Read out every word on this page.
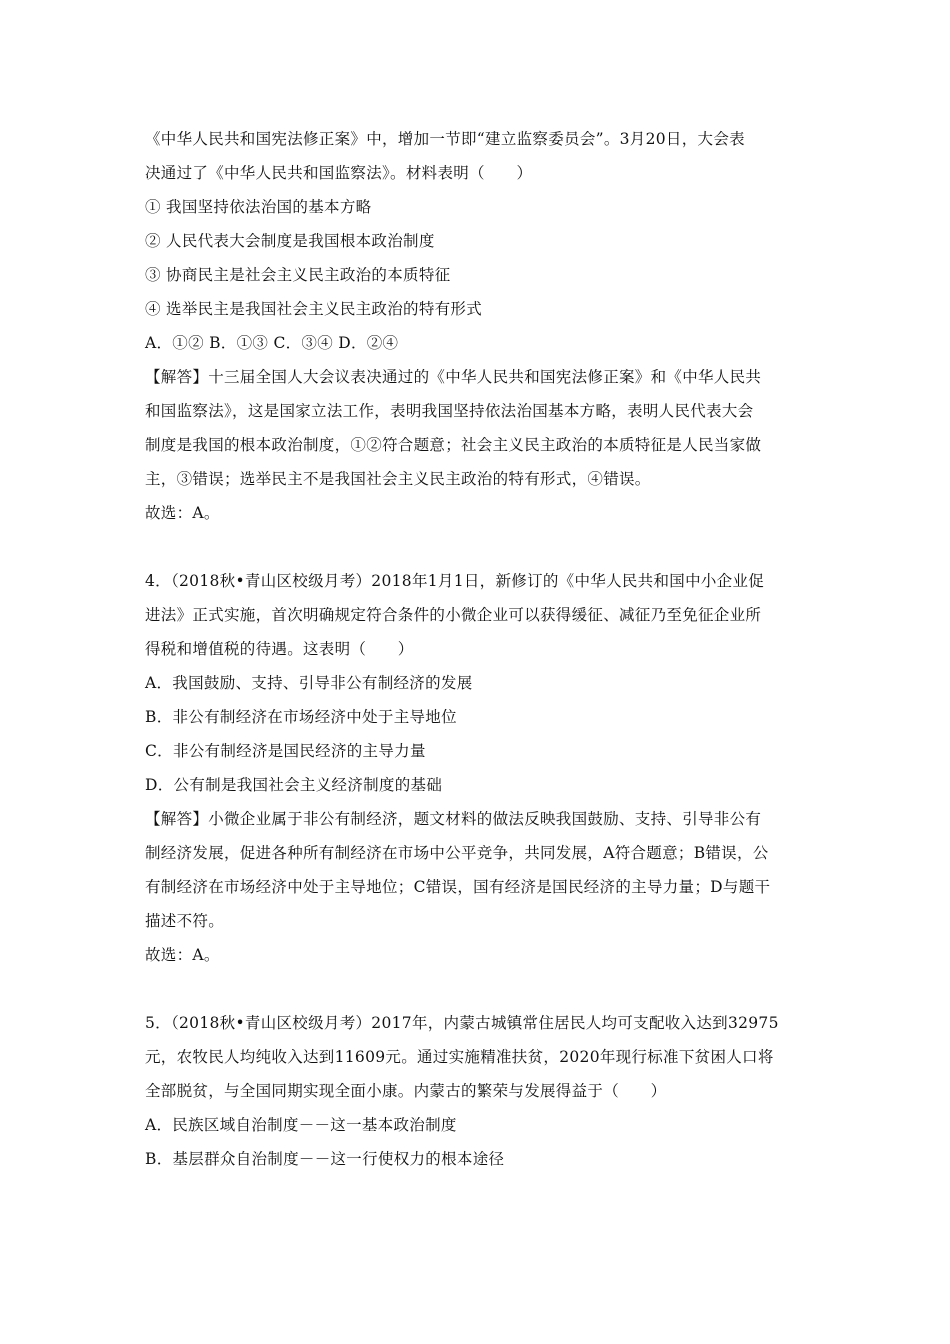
《中华人民共和国宪法修正案》中，增加一节即“建立监察委员会”。3月20日，大会表
决通过了《中华人民共和国监察法》。材料表明（　　）
① 我国坚持依法治国的基本方略
② 人民代表大会制度是我国根本政治制度
③ 协商民主是社会主义民主政治的本质特征
④ 选举民主是我国社会主义民主政治的特有形式
A．①② B．①③ C．③④ D．②④
【解答】十三届全国人大会议表决通过的《中华人民共和国宪法修正案》和《中华人民共
和国监察法》，这是国家立法工作，表明我国坚持依法治国基本方略，表明人民代表大会
制度是我国的根本政治制度，①②符合题意；社会主义民主政治的本质特征是人民当家做
主，③错误；选举民主不是我国社会主义民主政治的特有形式，④错误。
故选：A。
4．（2018秋•青山区校级月考）2018年1月1日，新修订的《中华人民共和国中小企业促
进法》正式实施，首次明确规定符合条件的小微企业可以获得缓征、减征乃至免征企业所
得税和增值税的待遇。这表明（　　）
A．我国鼓励、支持、引导非公有制经济的发展
B．非公有制经济在市场经济中处于主导地位
C．非公有制经济是国民经济的主导力量
D．公有制是我国社会主义经济制度的基础
【解答】小微企业属于非公有制经济，题文材料的做法反映我国鼓励、支持、引导非公有
制经济发展，促进各种所有制经济在市场中公平竞争，共同发展，A符合题意；B错误，公
有制经济在市场经济中处于主导地位；C错误，国有经济是国民经济的主导力量；D与题干
描述不符。
故选：A。
5．（2018秋•青山区校级月考）2017年，内蒙古城镇常住居民人均可支配收入达到32975
元，农牧民人均纯收入达到11609元。通过实施精准扶贫，2020年现行标准下贫困人口将
全部脱贫，与全国同期实现全面小康。内蒙古的繁荣与发展得益于（　　）
A．民族区域自治制度－－这一基本政治制度
B．基层群众自治制度－－这一行使权力的根本途径
